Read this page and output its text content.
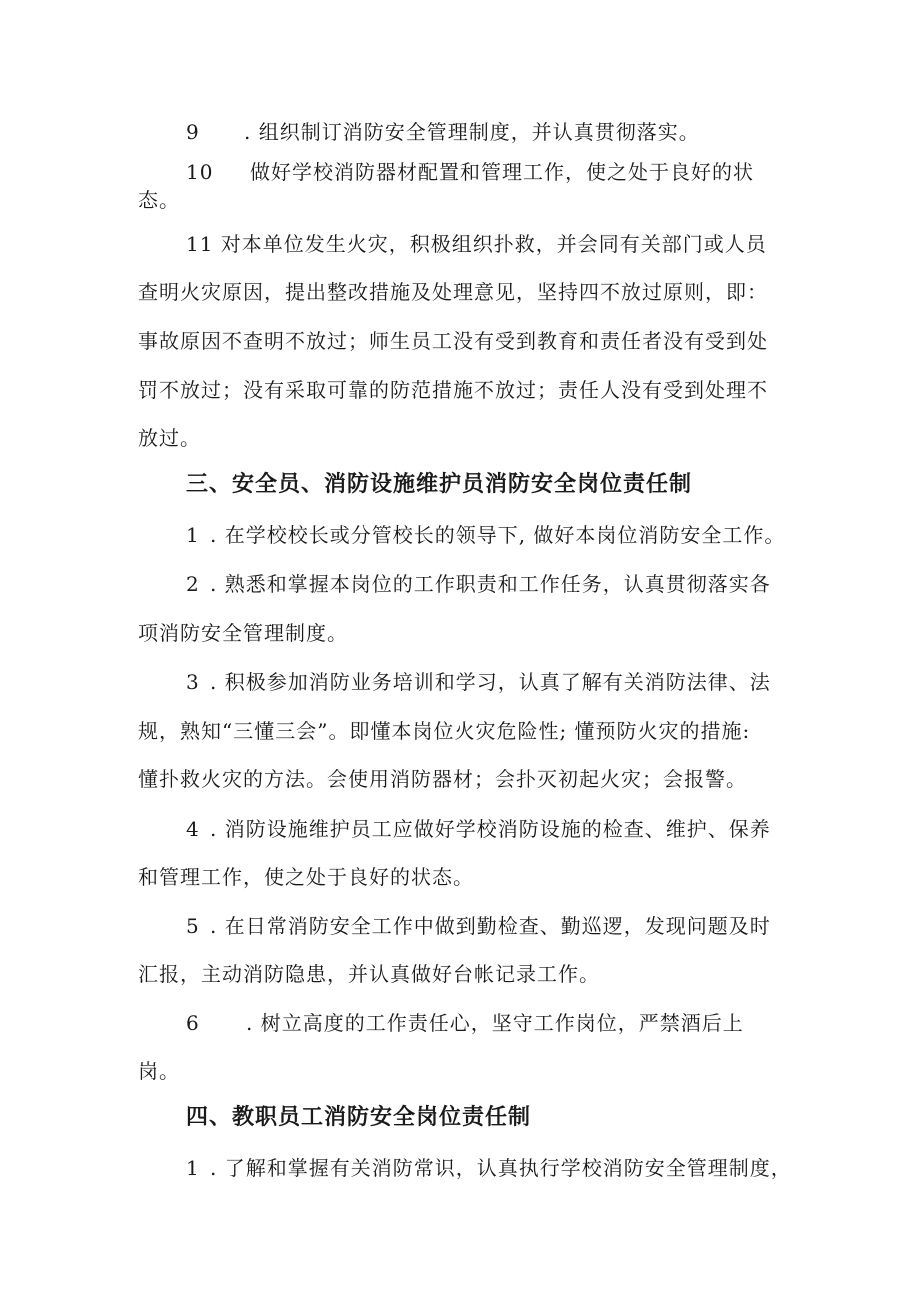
9 . 组织制订消防安全管理制度，并认真贯彻落实。
10 做好学校消防器材配置和管理工作，使之处于良好的状
态。
11 对本单位发生火灾，积极组织扑救，并会同有关部门或人员
查明火灾原因，提出整改措施及处理意见，坚持四不放过原则，即：
事故原因不查明不放过；师生员工没有受到教育和责任者没有受到处
罚不放过；没有采取可靠的防范措施不放过；责任人没有受到处理不
放过。
三、安全员、消防设施维护员消防安全岗位责任制
1 . 在学校校长或分管校长的领导下, 做好本岗位消防安全工作。
2 . 熟悉和掌握本岗位的工作职责和工作任务，认真贯彻落实各
项消防安全管理制度。
3 . 积极参加消防业务培训和学习，认真了解有关消防法律、法
规，熟知“三懂三会”。即懂本岗位火灾危险性; 懂预防火灾的措施:
懂扑救火灾的方法。会使用消防器材；会扑灭初起火灾；会报警。
4 . 消防设施维护员工应做好学校消防设施的检查、维护、保养
和管理工作，使之处于良好的状态。
5 . 在日常消防安全工作中做到勤检查、勤巡逻，发现问题及时
汇报，主动消防隐患，并认真做好台帐记录工作。
6 . 树立高度的工作责任心，坚守工作岗位，严禁酒后上
岗。
四、教职员工消防安全岗位责任制
1 . 了解和掌握有关消防常识，认真执行学校消防安全管理制度，
